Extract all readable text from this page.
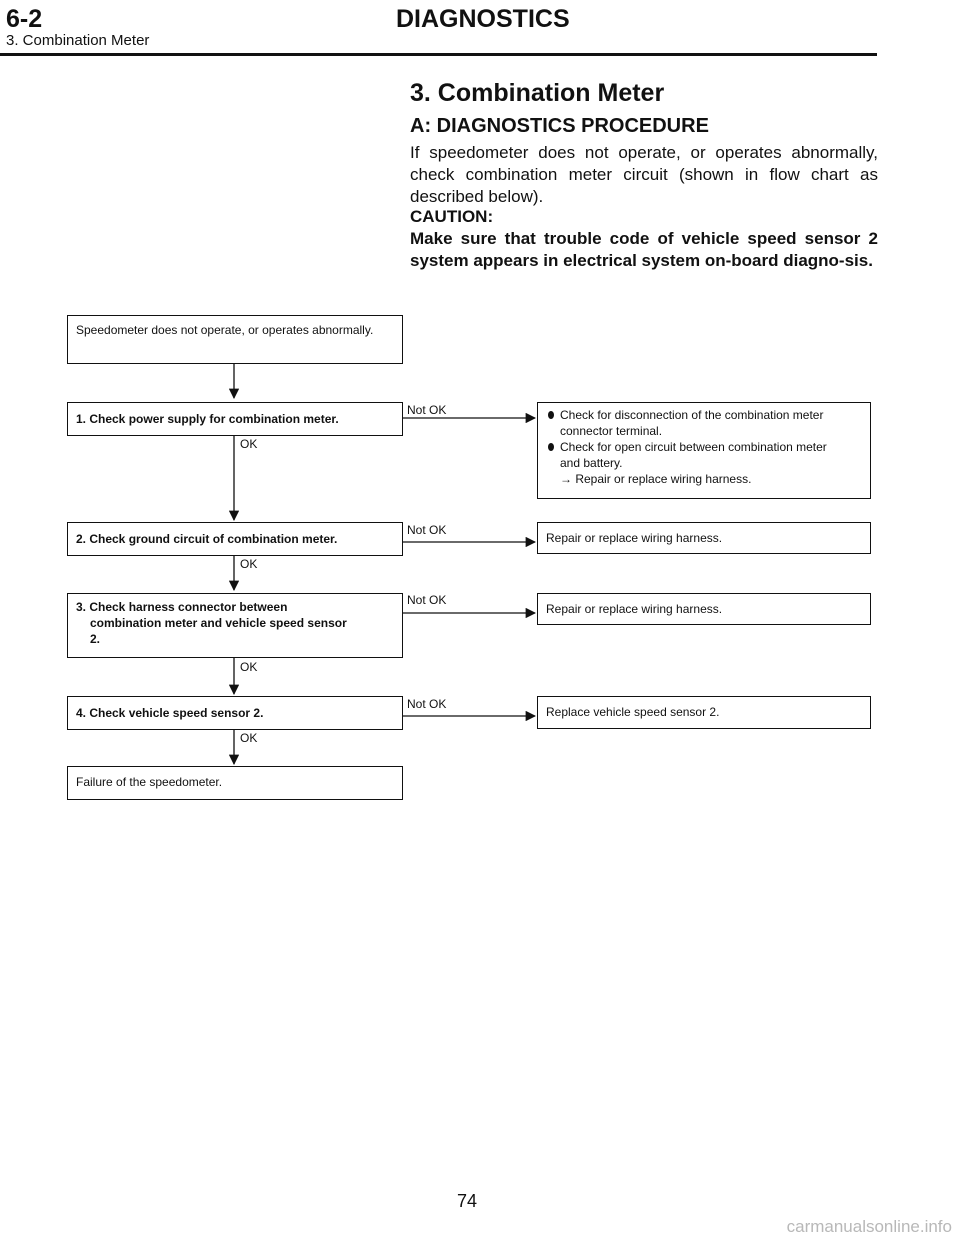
6-2	DIAGNOSTICS
3. Combination Meter
3. Combination Meter
A: DIAGNOSTICS PROCEDURE
If speedometer does not operate, or operates abnormally, check combination meter circuit (shown in flow chart as described below).
CAUTION:
Make sure that trouble code of vehicle speed sensor 2 system appears in electrical system on-board diagno-sis.
Speedometer does not operate, or operates abnormally.
1. Check power supply for combination meter.
OK
Not OK	Check for disconnection of the combination meter
connector terminal.
Check for open circuit between combination meter
and battery.
→ Repair or replace wiring harness.
2. Check ground circuit of combination meter.
OK
Not OK
Repair or replace wiring harness.
3. Check harness connector between
combination meter and vehicle speed sensor
2.
OK
Not OK
Repair or replace wiring harness.
4. Check vehicle speed sensor 2.
OK
Not OK
Replace vehicle speed sensor 2.
Failure of the speedometer.
74
carmanualsonline.info
